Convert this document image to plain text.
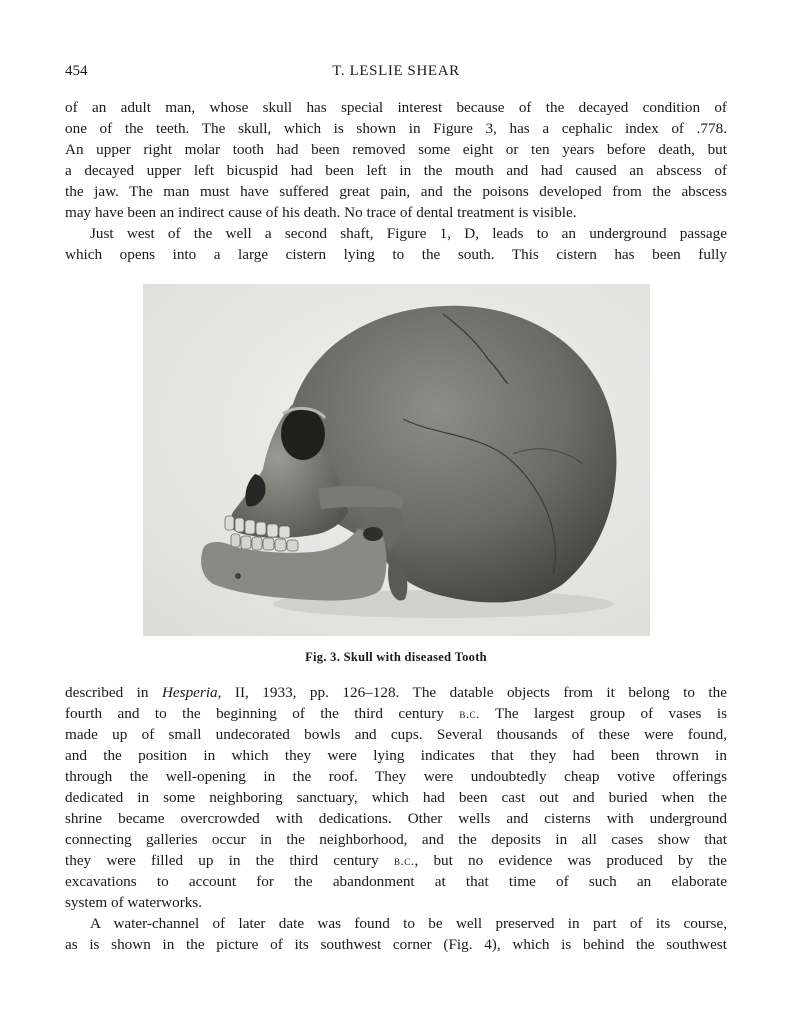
454	T. LESLIE SHEAR
of an adult man, whose skull has special interest because of the decayed condition of
one of the teeth. The skull, which is shown in Figure 3, has a cephalic index of .778.
An upper right molar tooth had been removed some eight or ten years before death, but
a decayed upper left bicuspid had been left in the mouth and had caused an abscess of
the jaw. The man must have suffered great pain, and the poisons developed from the abscess
may have been an indirect cause of his death. No trace of dental treatment is visible.
Just west of the well a second shaft, Figure 1, D, leads to an underground passage
which opens into a large cistern lying to the south. This cistern has been fully
Fig. 3. Skull with diseased Tooth
described in Hesperia, II, 1933, pp. 126–128. The datable objects from it belong to the
fourth and to the beginning of the third century b.c. The largest group of vases is
made up of small undecorated bowls and cups. Several thousands of these were found,
and the position in which they were lying indicates that they had been thrown in
through the well-opening in the roof. They were undoubtedly cheap votive offerings
dedicated in some neighboring sanctuary, which had been cast out and buried when the
shrine became overcrowded with dedications. Other wells and cisterns with underground
connecting galleries occur in the neighborhood, and the deposits in all cases show that
they were filled up in the third century b.c., but no evidence was produced by the
excavations to account for the abandonment at that time of such an elaborate
system of waterworks.
A water-channel of later date was found to be well preserved in part of its course,
as is shown in the picture of its southwest corner (Fig. 4), which is behind the southwest
